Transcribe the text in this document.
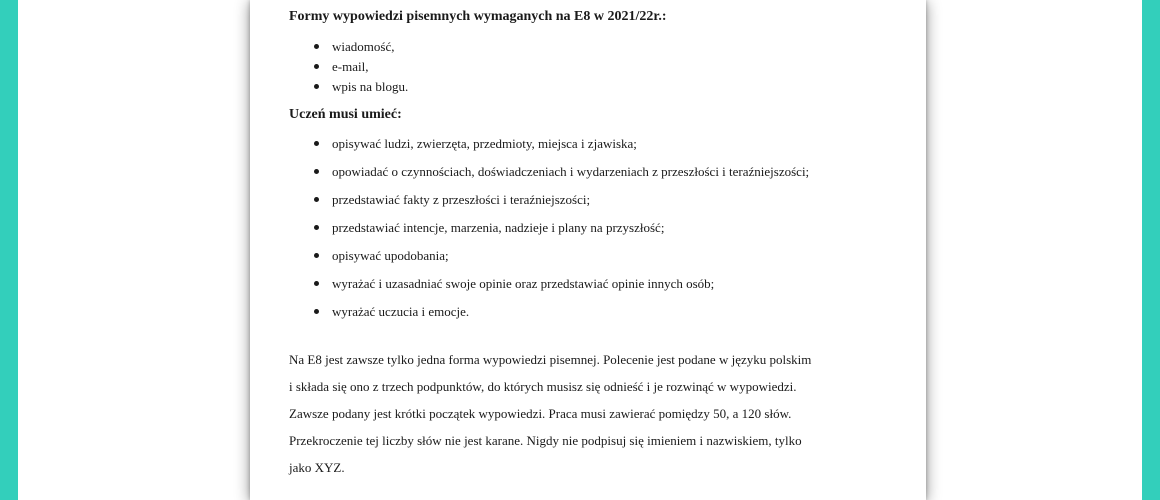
Formy wypowiedzi pisemnych wymaganych na E8 w 2021/22r.:

wiadomość,
e-mail,
wpis na blogu.

Uczeń musi umieć:

opisywać ludzi, zwierzęta, przedmioty, miejsca i zjawiska;
opowiadać o czynnościach, doświadczeniach i wydarzeniach z przeszłości i teraźniejszości;
przedstawiać fakty z przeszłości i teraźniejszości;
przedstawiać intencje, marzenia, nadzieje i plany na przyszłość;
opisywać upodobania;
wyrażać i uzasadniać swoje opinie oraz przedstawiać opinie innych osób;
wyrażać uczucia i emocje.
Na E8 jest zawsze tylko jedna forma wypowiedzi pisemnej. Polecenie jest podane w języku polskim
i składa się ono z trzech podpunktów, do których musisz się odnieść i je rozwinąć w wypowiedzi.
Zawsze podany jest krótki początek wypowiedzi. Praca musi zawierać pomiędzy 50, a 120 słów.
Przekroczenie tej liczby słów nie jest karane. Nigdy nie podpisuj się imieniem i nazwiskiem, tylko
jako XYZ.
